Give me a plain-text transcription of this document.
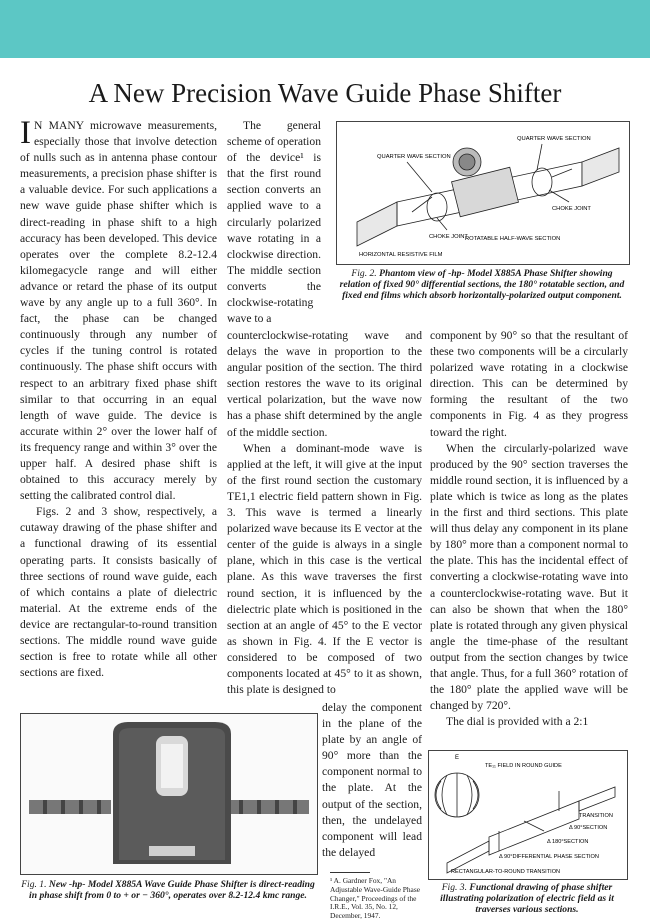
A New Precision Wave Guide Phase Shifter

I N MANY microwave measurements, especially those that involve detection of nulls such as in antenna phase contour measurements, a precision phase shifter is a valuable device. For such applications a new wave guide phase shifter which is direct-reading in phase shift to a high accuracy has been developed. This device operates over the complete 8.2-12.4 kilomegacycle range and will either advance or retard the phase of its output wave by any angle up to a full 360°. In fact, the phase can be changed continuously through any number of cycles if the tuning control is rotated continuously. The phase shift occurs with respect to an arbitrary fixed phase shift similar to that occurring in an equal length of wave guide. The device is accurate within 2° over the lower half of its frequency range and within 3° over the upper half. A desired phase shift is obtained to this accuracy merely by setting the calibrated control dial.

Figs. 2 and 3 show, respectively, a cutaway drawing of the phase shifter and a functional drawing of its essential operating parts. It consists basically of three sections of round wave guide, each of which contains a plate of dielectric material. At the extreme ends of the device are rectangular-to-round transition sections. The middle round wave guide section is free to rotate while all other sections are fixed.

The general scheme of operation of the device¹ is that the first round section converts an applied wave to a circularly polarized wave rotating in a clockwise direction. The middle section converts the clockwise-rotating wave to a

counterclockwise-rotating wave and delays the wave in proportion to the angular position of the section. The third section restores the wave to its original vertical polarization, but the wave now has a phase shift determined by the angle of the middle section.

When a dominant-mode wave is applied at the left, it will give at the input of the first round section the customary TE1,1 electric field pattern shown in Fig. 3. This wave is termed a linearly polarized wave because its E vector at the center of the guide is always in a single plane, which in this case is the vertical plane. As this wave traverses the first round section, it is influenced by the dielectric plate which is positioned in the section at an angle of 45° to the E vector as shown in Fig. 4. If the E vector is considered to be composed of two components located at 45° to it as shown, this plate is designed to

delay the component in the plane of the plate by an angle of 90° more than the component normal to the plate. At the output of the section, then, the undelayed component will lead the delayed

component by 90° so that the resultant of these two components will be a circularly polarized wave rotating in a clockwise direction. This can be determined by forming the resultant of the two components in Fig. 4 as they progress toward the right.

When the circularly-polarized wave produced by the 90° section traverses the middle round section, it is influenced by a plate which is twice as long as the plates in the first and third sections. This plate will thus delay any component in its plane by 180° more than a component normal to the plate. This has the incidental effect of converting a clockwise-rotating wave into a counterclockwise-rotating wave. But it can also be shown that when the 180° plate is rotated through any given physical angle the time-phase of the resultant output from the section changes by twice that angle. Thus, for a full 360° rotation of the 180° plate the applied wave will be changed by 720°.

The dial is provided with a 2:1

QUARTER WAVE SECTION
QUARTER WAVE SECTION
CHOKE JOINT
CHOKE JOINT
HORIZONTAL RESISTIVE FILM
ROTATABLE HALF-WAVE SECTION
Fig. 2. Phantom view of -hp- Model X885A Phase Shifter showing relation of fixed 90° differential sections, the 180° rotatable section, and fixed end films which absorb horizontally-polarized output component.
Fig. 1. New -hp- Model X885A Wave Guide Phase Shifter is direct-reading in phase shift from 0 to + or − 360°, operates over 8.2-12.4 kmc range.
¹ A. Gardner Fox, "An Adjustable Wave-Guide Phase Changer," Proceedings of the I.R.E., Vol. 35, No. 12, December, 1947.
TE₁₁ FIELD IN ROUND GUIDE
E
TRANSITION
Δ 90°SECTION
Δ 180°SECTION
Δ 90°DIFFERENTIAL PHASE SECTION
RECTANGULAR-TO-ROUND TRANSITION
Fig. 3. Functional drawing of phase shifter illustrating polarization of electric field as it traverses various sections.
